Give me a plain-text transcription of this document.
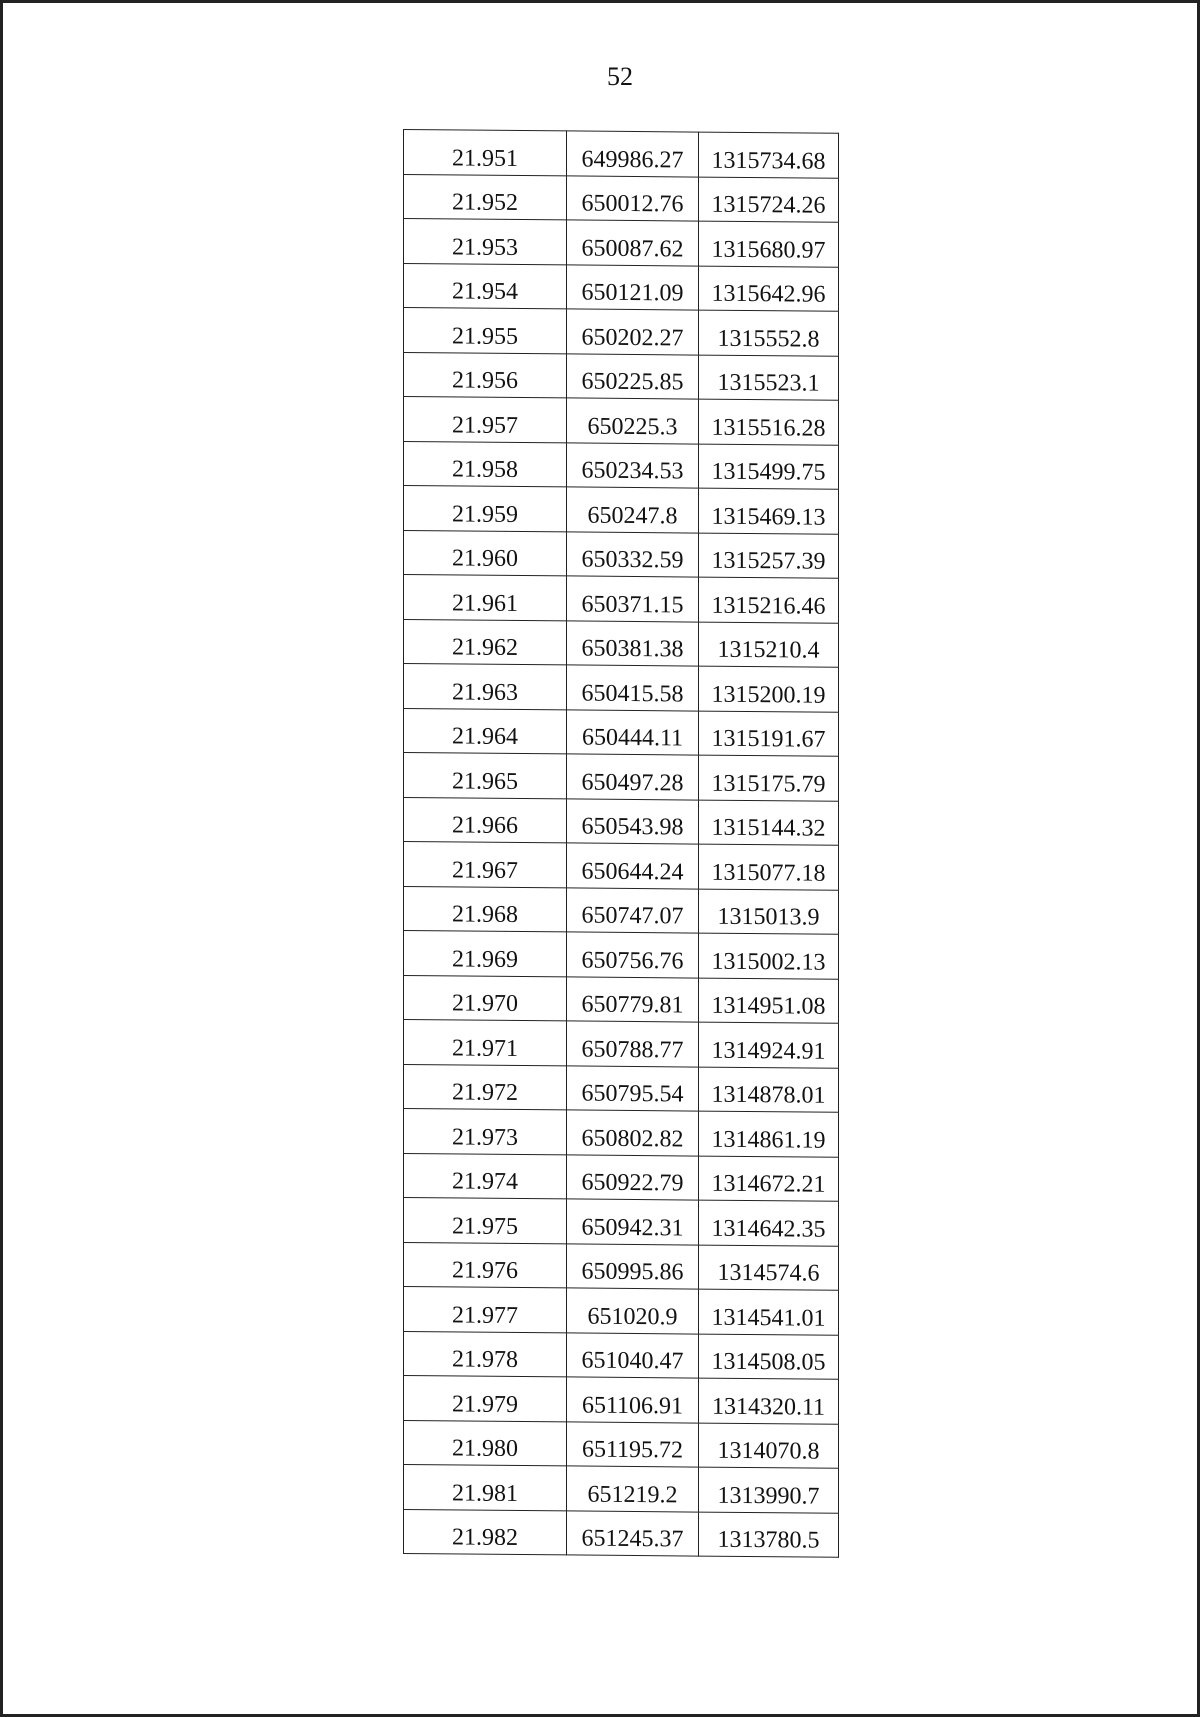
52
21.951	649986.27	1315734.68
21.952	650012.76	1315724.26
21.953	650087.62	1315680.97
21.954	650121.09	1315642.96
21.955	650202.27	1315552.8
21.956	650225.85	1315523.1
21.957	650225.3	1315516.28
21.958	650234.53	1315499.75
21.959	650247.8	1315469.13
21.960	650332.59	1315257.39
21.961	650371.15	1315216.46
21.962	650381.38	1315210.4
21.963	650415.58	1315200.19
21.964	650444.11	1315191.67
21.965	650497.28	1315175.79
21.966	650543.98	1315144.32
21.967	650644.24	1315077.18
21.968	650747.07	1315013.9
21.969	650756.76	1315002.13
21.970	650779.81	1314951.08
21.971	650788.77	1314924.91
21.972	650795.54	1314878.01
21.973	650802.82	1314861.19
21.974	650922.79	1314672.21
21.975	650942.31	1314642.35
21.976	650995.86	1314574.6
21.977	651020.9	1314541.01
21.978	651040.47	1314508.05
21.979	651106.91	1314320.11
21.980	651195.72	1314070.8
21.981	651219.2	1313990.7
21.982	651245.37	1313780.5
